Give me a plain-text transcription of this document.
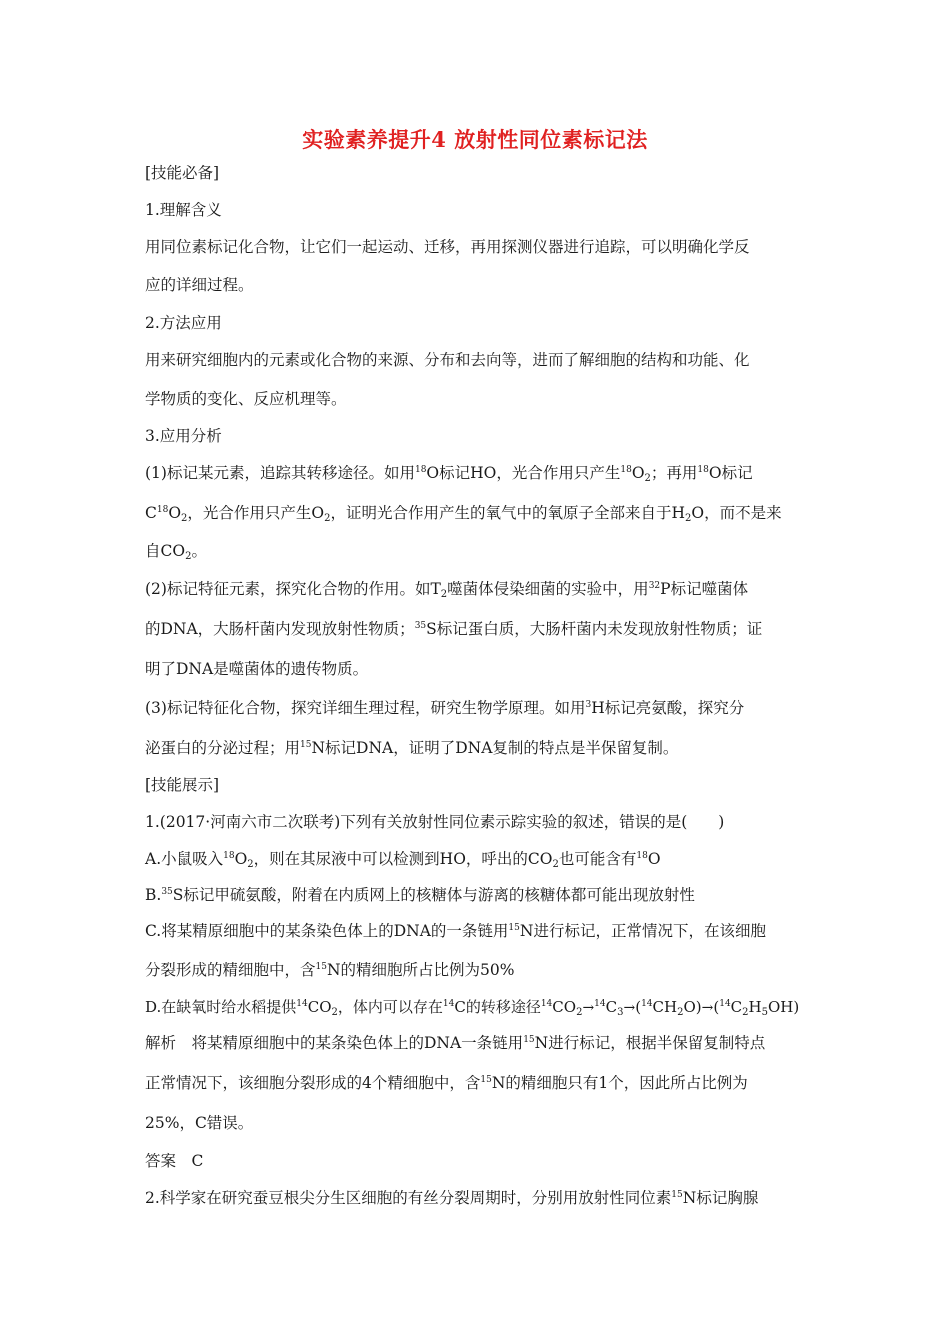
实验素养提升4 放射性同位素标记法
[技能必备]
1.理解含义
用同位素标记化合物，让它们一起运动、迁移，再用探测仪器进行追踪，可以明确化学反
应的详细过程。
2.方法应用
用来研究细胞内的元素或化合物的来源、分布和去向等，进而了解细胞的结构和功能、化
学物质的变化、反应机理等。
3.应用分析
(1)标记某元素，追踪其转移途径。如用$^{18}$O标记HO，光合作用只产生$^{18}O_2$；再用$^{18}$O标记
$C^{18}O_2$，光合作用只产生$O_2$，证明光合作用产生的氧气中的氧原子全部来自于$H_2O$，而不是来
自$CO_2$。
(2)标记特征元素，探究化合物的作用。如$T_2$噬菌体侵染细菌的实验中，用$^{32}$P标记噬菌体
的DNA，大肠杆菌内发现放射性物质；$^{35}$S标记蛋白质，大肠杆菌内未发现放射性物质；证
明了DNA是噬菌体的遗传物质。
(3)标记特征化合物，探究详细生理过程，研究生物学原理。如用$^3$H标记亮氨酸，探究分
泌蛋白的分泌过程；用$^{15}$N标记DNA，证明了DNA复制的特点是半保留复制。
[技能展示]
1.(2017·河南六市二次联考)下列有关放射性同位素示踪实验的叙述，错误的是(　　)
A.小鼠吸入$^{18}O_2$，则在其尿液中可以检测到HO，呼出的$CO_2$也可能含有$^{18}$O
B.$^{35}$S标记甲硫氨酸，附着在内质网上的核糖体与游离的核糖体都可能出现放射性
C.将某精原细胞中的某条染色体上的DNA的一条链用$^{15}$N进行标记，正常情况下，在该细胞
分裂形成的精细胞中，含$^{15}$N的精细胞所占比例为50%
D.在缺氧时给水稻提供$^{14}CO_2$，体内可以存在$^{14}$C的转移途径$^{14}CO_2\to^{14}C_3\to(^{14}CH_2O)\to(^{14}C_2H_5OH)$
解析　将某精原细胞中的某条染色体上的DNA一条链用$^{15}$N进行标记，根据半保留复制特点
正常情况下，该细胞分裂形成的4个精细胞中，含$^{15}$N的精细胞只有1个，因此所占比例为
25%，C错误。
答案　C
2.科学家在研究蚕豆根尖分生区细胞的有丝分裂周期时，分别用放射性同位素$^{15}$N标记胸腺
